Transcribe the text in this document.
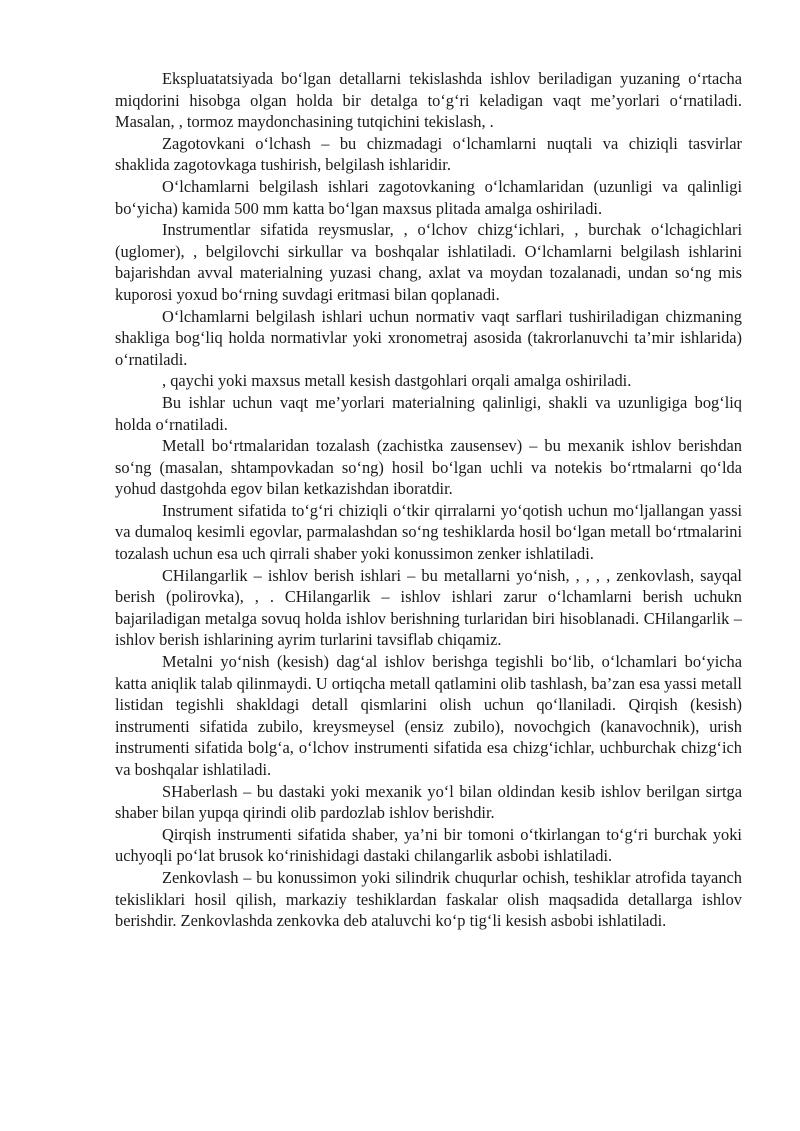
Ekspluatatsiyada bo‘lgan detallarni tekislashda ishlov beriladigan yuzaning o‘rtacha miqdorini hisobga olgan holda bir detalga to‘g‘ri keladigan vaqt me’yorlari o‘rnatiladi. Masalan, , tormoz maydonchasining tutqichini tekislash, .

Zagotovkani o‘lchash – bu chizmadagi o‘lchamlarni nuqtali va chiziqli tasvirlar shaklida zagotovkaga tushirish, belgilash ishlaridir.

O‘lchamlarni belgilash ishlari zagotovkaning o‘lchamlaridan (uzunligi va qalinligi bo‘yicha) kamida 500 mm katta bo‘lgan maxsus plitada amalga oshiriladi.

Instrumentlar sifatida reysmuslar, , o‘lchov chizg‘ichlari, , burchak o‘lchagichlari (uglomer), , belgilovchi sirkullar va boshqalar ishlatiladi. O‘lchamlarni belgilash ishlarini bajarishdan avval materialning yuzasi chang, axlat va moydan tozalanadi, undan so‘ng mis kuporosi yoxud bo‘rning suvdagi eritmasi bilan qoplanadi.

O‘lchamlarni belgilash ishlari uchun normativ vaqt sarflari tushiriladigan chizmaning shakliga bog‘liq holda normativlar yoki xronometraj asosida (takrorlanuvchi ta’mir ishlarida) o‘rnatiladi.

, qaychi yoki maxsus metall kesish dastgohlari orqali amalga oshiriladi.

Bu ishlar uchun vaqt me’yorlari materialning qalinligi, shakli va uzunligiga bog‘liq holda o‘rnatiladi.

Metall bo‘rtmalaridan tozalash (zachistka zausensev) – bu mexanik ishlov berishdan so‘ng (masalan, shtampovkadan so‘ng) hosil bo‘lgan uchli va notekis bo‘rtmalarni qo‘lda yohud dastgohda egov bilan ketkazishdan iboratdir.

Instrument sifatida to‘g‘ri chiziqli o‘tkir qirralarni yo‘qotish uchun mo‘ljallangan yassi va dumaloq kesimli egovlar, parmalashdan so‘ng teshiklarda hosil bo‘lgan metall bo‘rtmalarini tozalash uchun esa uch qirrali shaber yoki konussimon zenker ishlatiladi.

CHilangarlik – ishlov berish ishlari – bu metallarni yo‘nish, , , , , zenkovlash, sayqal berish (polirovka), , . CHilangarlik – ishlov ishlari zarur o‘lchamlarni berish uchukn bajariladigan metalga sovuq holda ishlov berishning turlaridan biri hisoblanadi. CHilangarlik – ishlov berish ishlarining ayrim turlarini tavsiflab chiqamiz.

Metalni yo‘nish (kesish) dag‘al ishlov berishga tegishli bo‘lib, o‘lchamlari bo‘yicha katta aniqlik talab qilinmaydi. U ortiqcha metall qatlamini olib tashlash, ba’zan esa yassi metall listidan tegishli shakldagi detall qismlarini olish uchun qo‘llaniladi. Qirqish (kesish) instrumenti sifatida zubilo, kreysmeysel (ensiz zubilo), novochgich (kanavochnik), urish instrumenti sifatida bolg‘a, o‘lchov instrumenti sifatida esa chizg‘ichlar, uchburchak chizg‘ich va boshqalar ishlatiladi.

SHaberlash – bu dastaki yoki mexanik yo‘l bilan oldindan kesib ishlov berilgan sirtga shaber bilan yupqa qirindi olib pardozlab ishlov berishdir.

Qirqish instrumenti sifatida shaber, ya’ni bir tomoni o‘tkirlangan to‘g‘ri burchak yoki uchyoqli po‘lat brusok ko‘rinishidagi dastaki chilangarlik asbobi ishlatiladi.

Zenkovlash – bu konussimon yoki silindrik chuqurlar ochish, teshiklar atrofida tayanch tekisliklari hosil qilish, markaziy teshiklardan faskalar olish maqsadida detallarga ishlov berishdir. Zenkovlashda zenkovka deb ataluvchi ko‘p tig‘li kesish asbobi ishlatiladi.
